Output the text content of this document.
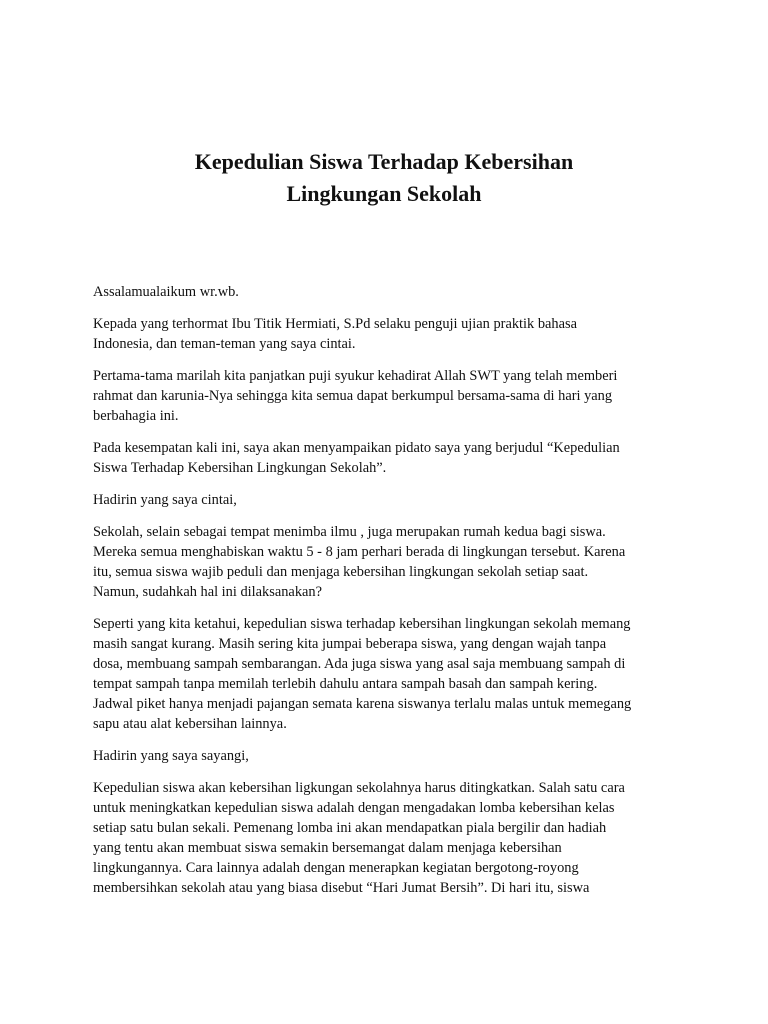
Kepedulian Siswa Terhadap Kebersihan
Lingkungan Sekolah

Assalamualaikum wr.wb.

Kepada yang terhormat Ibu Titik Hermiati, S.Pd selaku penguji ujian praktik bahasa
Indonesia, dan teman-teman yang saya cintai.

Pertama-tama marilah kita panjatkan puji syukur kehadirat Allah SWT yang telah memberi
rahmat dan karunia-Nya sehingga kita semua dapat berkumpul bersama-sama di hari yang
berbahagia ini.

Pada kesempatan kali ini, saya akan menyampaikan pidato saya yang berjudul “Kepedulian
Siswa Terhadap Kebersihan Lingkungan Sekolah”.

Hadirin yang saya cintai,

Sekolah, selain sebagai tempat menimba ilmu , juga merupakan rumah kedua bagi siswa.
Mereka semua menghabiskan waktu 5 - 8 jam perhari berada di lingkungan tersebut. Karena
itu, semua siswa wajib peduli dan menjaga kebersihan lingkungan sekolah setiap saat.
Namun, sudahkah hal ini dilaksanakan?

Seperti yang kita ketahui, kepedulian siswa terhadap kebersihan lingkungan sekolah memang
masih sangat kurang. Masih sering kita jumpai beberapa siswa, yang dengan wajah tanpa
dosa, membuang sampah sembarangan. Ada juga siswa yang asal saja membuang sampah di
tempat sampah tanpa memilah terlebih dahulu antara sampah basah dan sampah kering.
Jadwal piket hanya menjadi pajangan semata karena siswanya terlalu malas untuk memegang
sapu atau alat kebersihan lainnya.

Hadirin yang saya sayangi,

Kepedulian siswa akan kebersihan ligkungan sekolahnya harus ditingkatkan. Salah satu cara
untuk meningkatkan kepedulian siswa adalah dengan mengadakan lomba kebersihan kelas
setiap satu bulan sekali. Pemenang lomba ini akan mendapatkan piala bergilir dan hadiah
yang tentu akan membuat siswa semakin bersemangat dalam menjaga kebersihan
lingkungannya. Cara lainnya adalah dengan menerapkan kegiatan bergotong-royong
membersihkan sekolah atau yang biasa disebut “Hari Jumat Bersih”. Di hari itu, siswa
